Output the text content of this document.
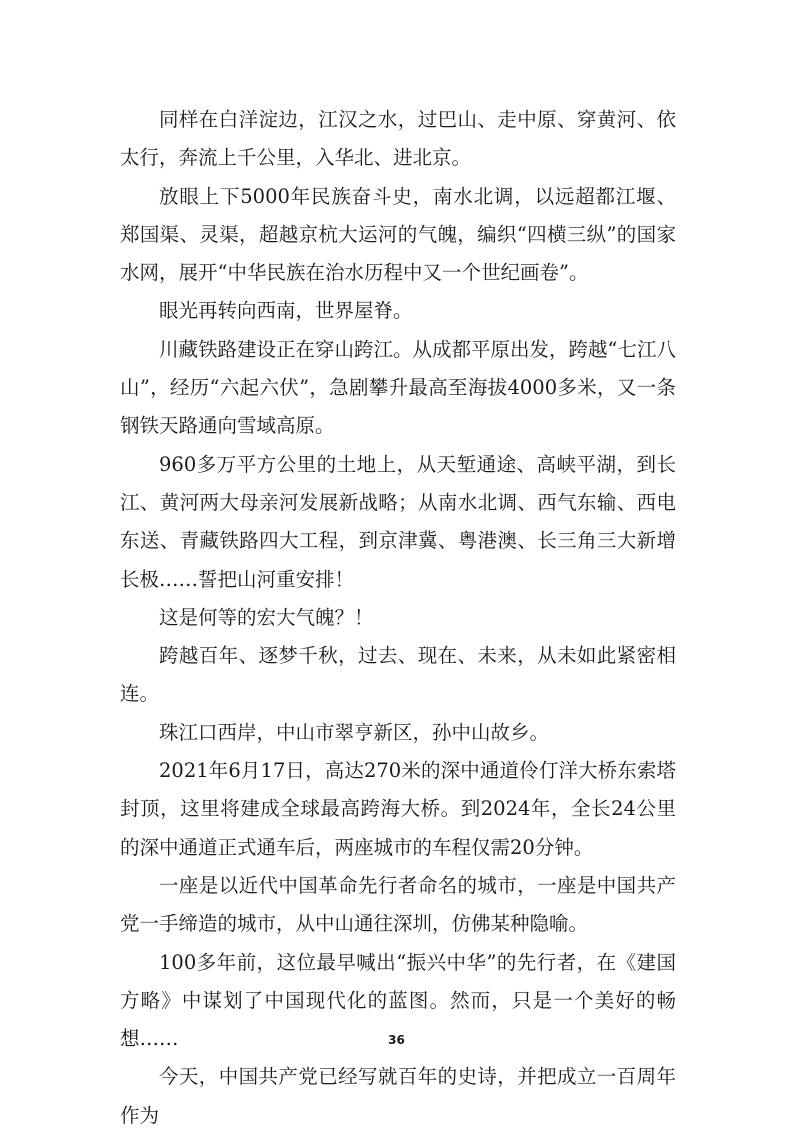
同样在白洋淀边，江汉之水，过巴山、走中原、穿黄河、依太行，奔流上千公里，入华北、进北京。

放眼上下5000年民族奋斗史，南水北调，以远超都江堰、郑国渠、灵渠，超越京杭大运河的气魄，编织“四横三纵”的国家水网，展开“中华民族在治水历程中又一个世纪画卷”。

眼光再转向西南，世界屋脊。

川藏铁路建设正在穿山跨江。从成都平原出发，跨越“七江八山”，经历“六起六伏”，急剧攀升最高至海拔4000多米，又一条钢铁天路通向雪域高原。

960多万平方公里的土地上，从天堑通途、高峡平湖，到长江、黄河两大母亲河发展新战略；从南水北调、西气东输、西电东送、青藏铁路四大工程，到京津冀、粤港澳、长三角三大新增长极……誓把山河重安排！

这是何等的宏大气魄？！

跨越百年、逐梦千秋，过去、现在、未来，从未如此紧密相连。

珠江口西岸，中山市翠亨新区，孙中山故乡。

2021年6月17日，高达270米的深中通道伶仃洋大桥东索塔封顶，这里将建成全球最高跨海大桥。到2024年，全长24公里的深中通道正式通车后，两座城市的车程仅需20分钟。

一座是以近代中国革命先行者命名的城市，一座是中国共产党一手缔造的城市，从中山通往深圳，仿佛某种隐喻。

100多年前，这位最早喊出“振兴中华”的先行者，在《建国方略》中谋划了中国现代化的蓝图。然而，只是一个美好的畅想……

今天，中国共产党已经写就百年的史诗，并把成立一百周年作为

36
